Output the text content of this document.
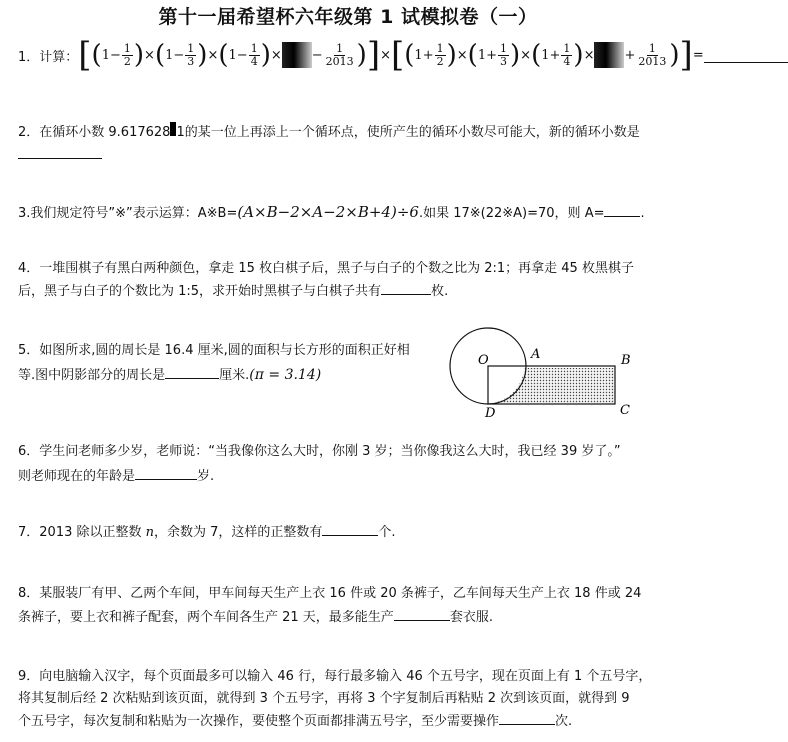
第十一届希望杯六年级第 1 试模拟卷（一）
1．计算： [ ( $1 - \frac{1}{2}$ ) × ( $1 - \frac{1}{3}$ ) × ( $1 - \frac{1}{4}$ ) × − $\frac{1}{2013}$ ) ] × [ ( $1 + \frac{1}{2}$ ) × ( $1 + \frac{1}{3}$ ) × ( $1 + \frac{1}{4}$ ) × + $\frac{1}{2013}$ ) ] =
2．在循环小数 9.617628 1的某一位上再添上一个循环点，使所产生的循环小数尽可能大，新的循环小数是
3.我们规定符号”※”表示运算：A※B=(A×B−2×A−2×B+4)÷6.如果 17※(22※A)=70，则 A=	.
4．一堆围棋子有黑白两种颜色，拿走 15 枚白棋子后，黑子与白子的个数之比为 2:1；再拿走 45 枚黑棋子
后，黑子与白子的个数比为 1:5，求开始时黑棋子与白棋子共有	枚.
5．如图所求,圆的周长是 16.4 厘米,圆的面积与长方形的面积正好相
等.图中阴影部分的周长是	厘米.(π = 3.14)
O	A	B
C
D
6．学生问老师多少岁，老师说：“当我像你这么大时，你刚 3 岁；当你像我这么大时，我已经 39 岁了。”
则老师现在的年龄是	岁.
7．2013 除以正整数 n，余数为 7，这样的正整数有	个.
8．某服装厂有甲、乙两个车间，甲车间每天生产上衣 16 件或 20 条裤子，乙车间每天生产上衣 18 件或 24
条裤子，要上衣和裤子配套，两个车间各生产 21 天，最多能生产	套衣服.
9．向电脑输入汉字，每个页面最多可以输入 46 行，每行最多输入 46 个五号字，现在页面上有 1 个五号字，
将其复制后经 2 次粘贴到该页面，就得到 3 个五号字，再将 3 个字复制后再粘贴 2 次到该页面，就得到 9
个五号字，每次复制和粘贴为一次操作，要使整个页面都排满五号字，至少需要操作	次.
